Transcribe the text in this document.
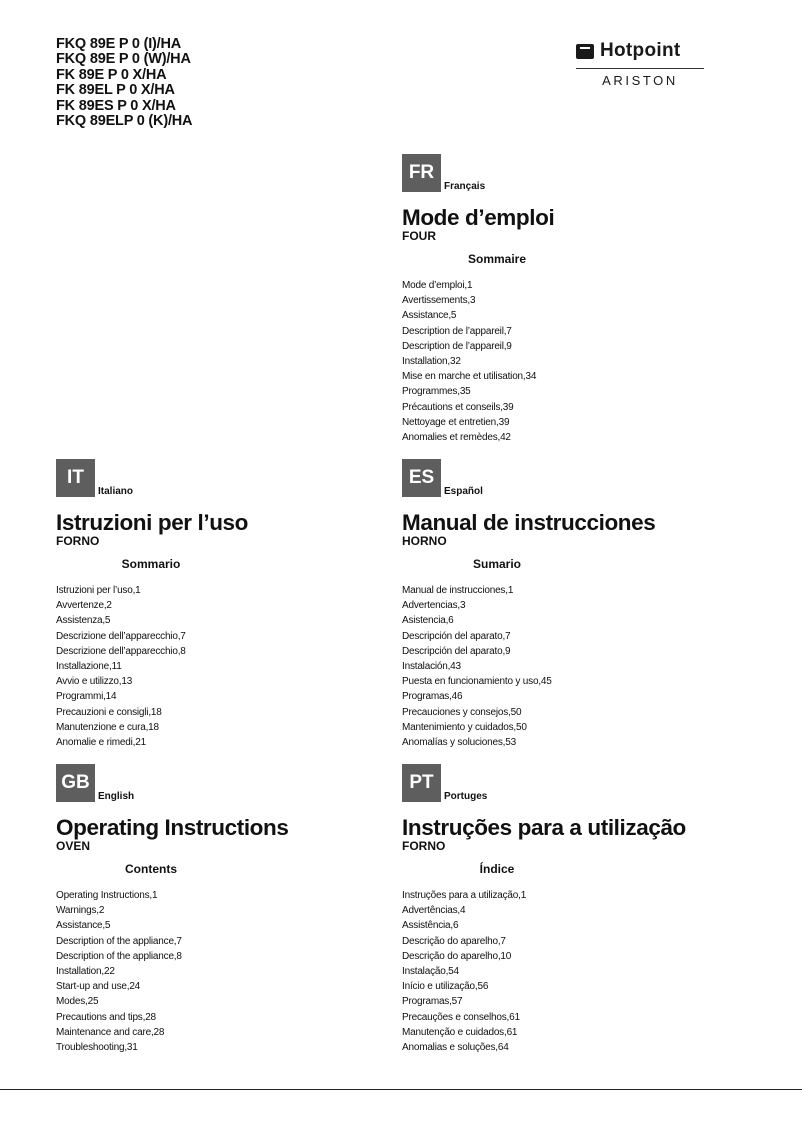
FKQ 89E P 0 (I)/HA
FKQ 89E P 0 (W)/HA
FK 89E P 0 X/HA
FK 89EL P 0 X/HA
FK 89ES P 0 X/HA
FKQ 89ELP 0 (K)/HA
Hotpoint
ARISTON
FR
Français
Mode d’emploi
FOUR
Sommaire
Mode d’emploi,1
Avertissements,3
Assistance,5
Description de l’appareil,7
Description de l’appareil,9
Installation,32
Mise en marche et utilisation,34
Programmes,35
Précautions et conseils,39
Nettoyage et entretien,39
Anomalies et remèdes,42
IT
Italiano
Istruzioni per l’uso
FORNO
Sommario
Istruzioni per l’uso,1
Avvertenze,2
Assistenza,5
Descrizione dell’apparecchio,7
Descrizione dell’apparecchio,8
Installazione,11
Avvio e utilizzo,13
Programmi,14
Precauzioni e consigli,18
Manutenzione e cura,18
Anomalie e rimedi,21
ES
Español
Manual de instrucciones
HORNO
Sumario
Manual de instrucciones,1
Advertencias,3
Asistencia,6
Descripción del aparato,7
Descripción del aparato,9
Instalación,43
Puesta en funcionamiento y uso,45
Programas,46
Precauciones y consejos,50
Mantenimiento y cuidados,50
Anomalías y soluciones,53
GB
English
Operating Instructions
OVEN
Contents
Operating Instructions,1
Warnings,2
Assistance,5
Description of the appliance,7
Description of the appliance,8
Installation,22
Start-up and use,24
Modes,25
Precautions and tips,28
Maintenance and care,28
Troubleshooting,31
PT
Portuges
Instruções para a utilização
FORNO
Índice
Instruções para a utilização,1
Advertências,4
Assistência,6
Descrição do aparelho,7
Descrição do aparelho,10
Instalação,54
Início e utilização,56
Programas,57
Precauções e conselhos,61
Manutenção e cuidados,61
Anomalias e soluções,64
